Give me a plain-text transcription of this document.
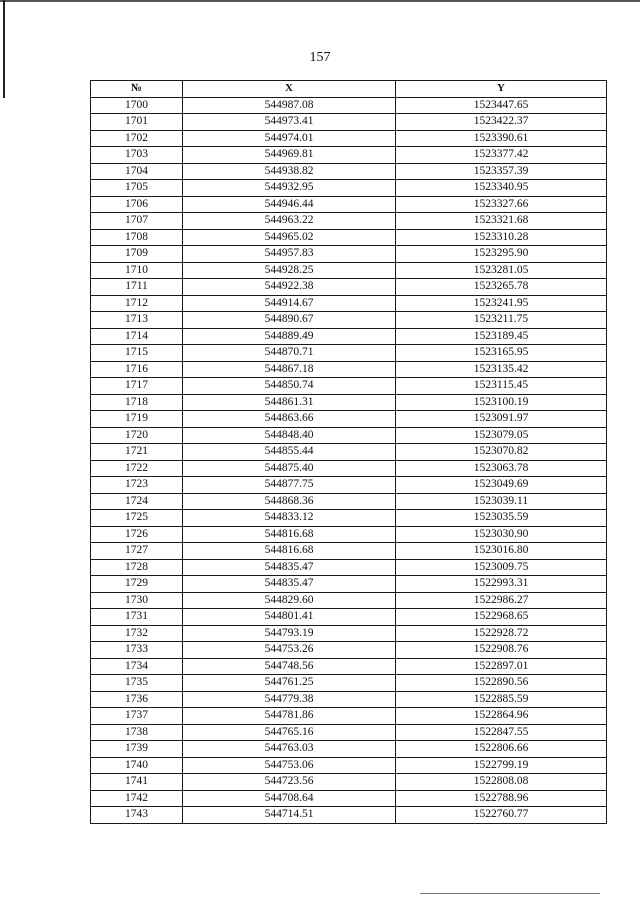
157
№	X	Y
1700	544987.08	1523447.65
1701	544973.41	1523422.37
1702	544974.01	1523390.61
1703	544969.81	1523377.42
1704	544938.82	1523357.39
1705	544932.95	1523340.95
1706	544946.44	1523327.66
1707	544963.22	1523321.68
1708	544965.02	1523310.28
1709	544957.83	1523295.90
1710	544928.25	1523281.05
1711	544922.38	1523265.78
1712	544914.67	1523241.95
1713	544890.67	1523211.75
1714	544889.49	1523189.45
1715	544870.71	1523165.95
1716	544867.18	1523135.42
1717	544850.74	1523115.45
1718	544861.31	1523100.19
1719	544863.66	1523091.97
1720	544848.40	1523079.05
1721	544855.44	1523070.82
1722	544875.40	1523063.78
1723	544877.75	1523049.69
1724	544868.36	1523039.11
1725	544833.12	1523035.59
1726	544816.68	1523030.90
1727	544816.68	1523016.80
1728	544835.47	1523009.75
1729	544835.47	1522993.31
1730	544829.60	1522986.27
1731	544801.41	1522968.65
1732	544793.19	1522928.72
1733	544753.26	1522908.76
1734	544748.56	1522897.01
1735	544761.25	1522890.56
1736	544779.38	1522885.59
1737	544781.86	1522864.96
1738	544765.16	1522847.55
1739	544763.03	1522806.66
1740	544753.06	1522799.19
1741	544723.56	1522808.08
1742	544708.64	1522788.96
1743	544714.51	1522760.77
